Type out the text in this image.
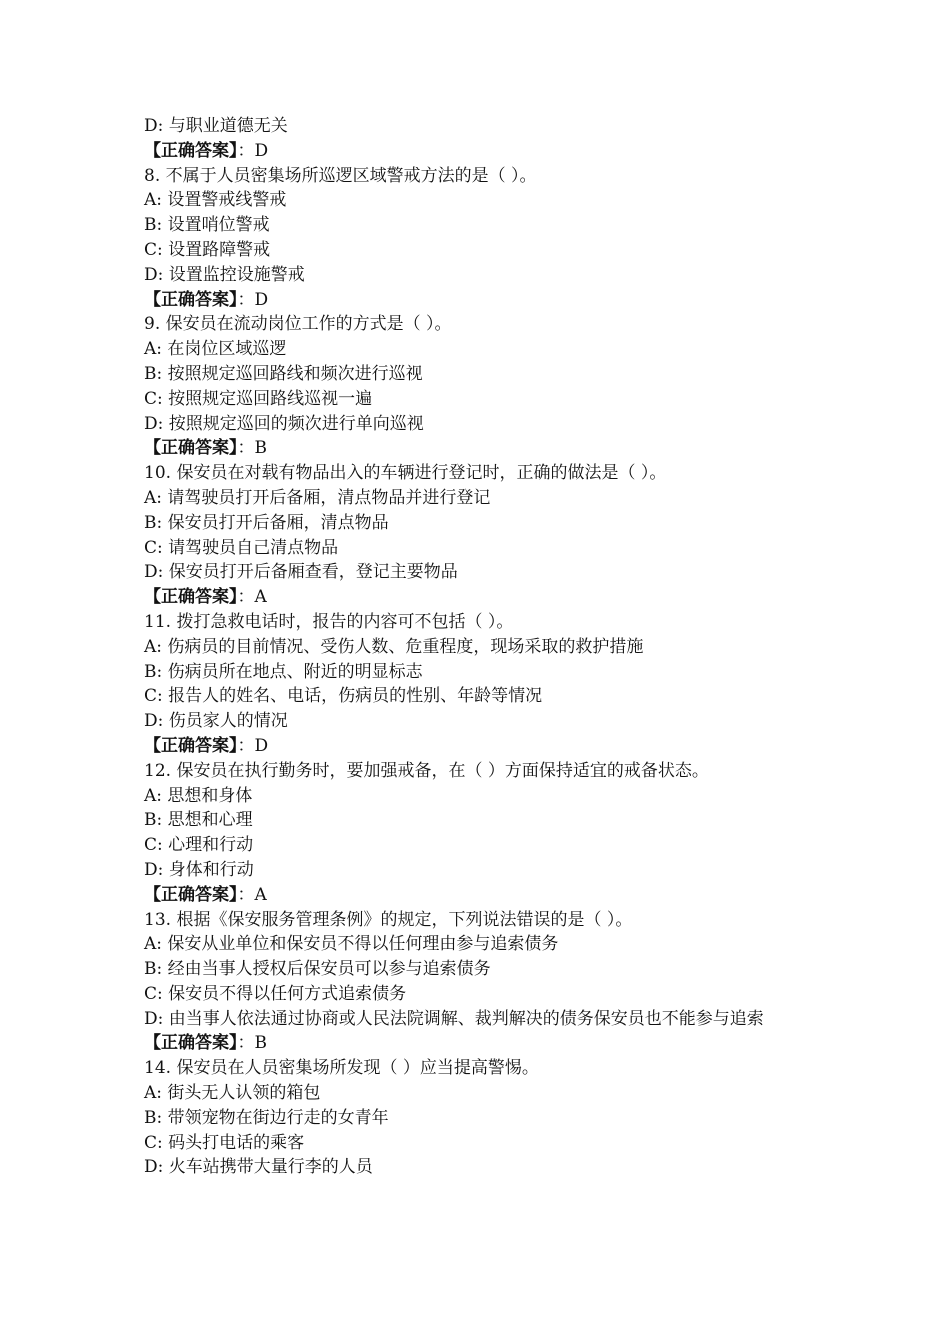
D: 与职业道德无关

【正确答案】：D

8. 不属于人员密集场所巡逻区域警戒方法的是（ ）。

A: 设置警戒线警戒

B: 设置哨位警戒

C: 设置路障警戒

D: 设置监控设施警戒

【正确答案】：D

9. 保安员在流动岗位工作的方式是（ ）。

A: 在岗位区域巡逻

B: 按照规定巡回路线和频次进行巡视

C: 按照规定巡回路线巡视一遍

D: 按照规定巡回的频次进行单向巡视

【正确答案】：B

10. 保安员在对载有物品出入的车辆进行登记时，正确的做法是（ ）。

A: 请驾驶员打开后备厢，清点物品并进行登记

B: 保安员打开后备厢，清点物品

C: 请驾驶员自己清点物品

D: 保安员打开后备厢查看，登记主要物品

【正确答案】：A

11. 拨打急救电话时，报告的内容可不包括（ ）。

A: 伤病员的目前情况、受伤人数、危重程度，现场采取的救护措施

B: 伤病员所在地点、附近的明显标志

C: 报告人的姓名、电话，伤病员的性别、年龄等情况

D: 伤员家人的情况

【正确答案】：D

12. 保安员在执行勤务时，要加强戒备，在（ ）方面保持适宜的戒备状态。

A: 思想和身体

B: 思想和心理

C: 心理和行动

D: 身体和行动

【正确答案】：A

13. 根据《保安服务管理条例》的规定，下列说法错误的是（ ）。

A: 保安从业单位和保安员不得以任何理由参与追索债务

B: 经由当事人授权后保安员可以参与追索债务

C: 保安员不得以任何方式追索债务

D: 由当事人依法通过协商或人民法院调解、裁判解决的债务保安员也不能参与追索

【正确答案】：B

14. 保安员在人员密集场所发现（ ）应当提高警惕。

A: 街头无人认领的箱包

B: 带领宠物在街边行走的女青年

C: 码头打电话的乘客

D: 火车站携带大量行李的人员
